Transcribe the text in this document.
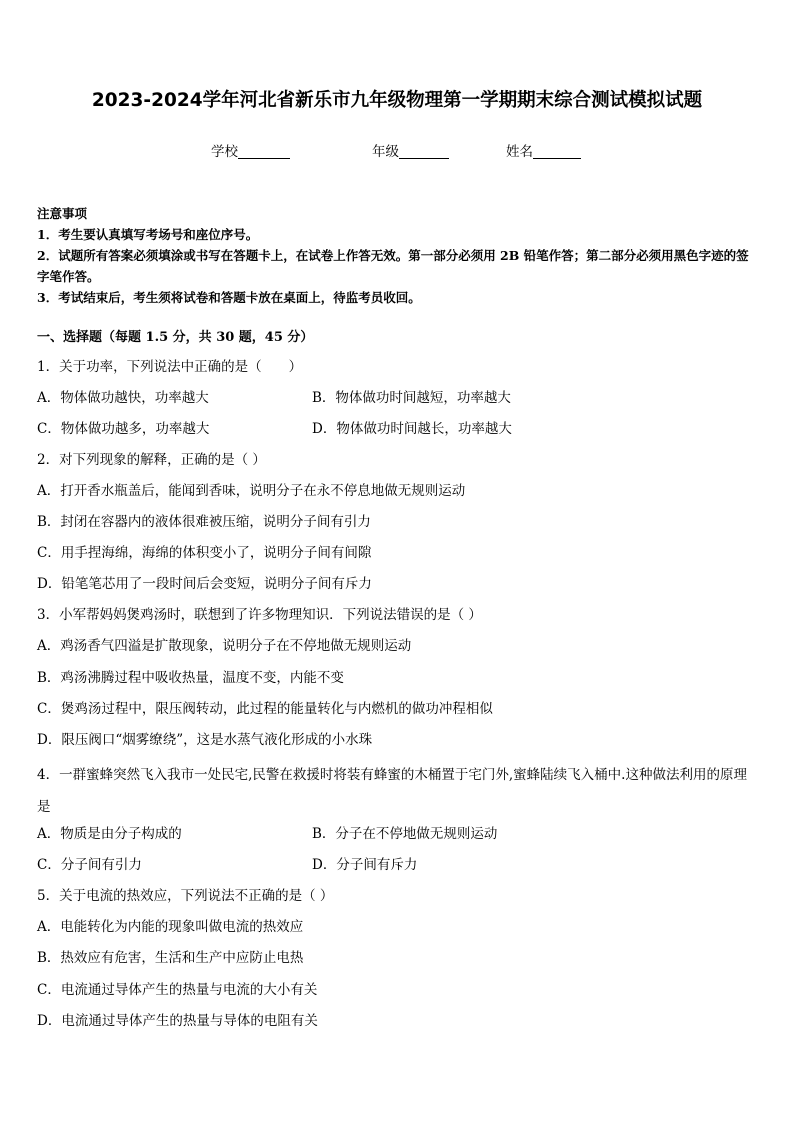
2023-2024学年河北省新乐市九年级物理第一学期期末综合测试模拟试题
学校	年级	姓名
注意事项
1．考生要认真填写考场号和座位序号。
2．试题所有答案必须填涂或书写在答题卡上，在试卷上作答无效。第一部分必须用 2B 铅笔作答；第二部分必须用黑色字迹的签字笔作答。
3．考试结束后，考生须将试卷和答题卡放在桌面上，待监考员收回。
一、选择题（每题 1.5 分，共 30 题，45 分）
1．关于功率，下列说法中正确的是（　　）
A．物体做功越快，功率越大	B．物体做功时间越短，功率越大
C．物体做功越多，功率越大	D．物体做功时间越长，功率越大
2．对下列现象的解释，正确的是（ ）
A．打开香水瓶盖后，能闻到香味，说明分子在永不停息地做无规则运动
B．封闭在容器内的液体很难被压缩，说明分子间有引力
C．用手捏海绵，海绵的体积变小了，说明分子间有间隙
D．铅笔笔芯用了一段时间后会变短，说明分子间有斥力
3．小军帮妈妈煲鸡汤时，联想到了许多物理知识．下列说法错误的是（ ）
A．鸡汤香气四溢是扩散现象，说明分子在不停地做无规则运动
B．鸡汤沸腾过程中吸收热量，温度不变，内能不变
C．煲鸡汤过程中，限压阀转动，此过程的能量转化与内燃机的做功冲程相似
D．限压阀口“烟雾缭绕”，这是水蒸气液化形成的小水珠
4．一群蜜蜂突然飞入我市一处民宅,民警在救援时将装有蜂蜜的木桶置于宅门外,蜜蜂陆续飞入桶中.这种做法利用的原理是
A．物质是由分子构成的	B．分子在不停地做无规则运动
C．分子间有引力	D．分子间有斥力
5．关于电流的热效应，下列说法不正确的是（ ）
A．电能转化为内能的现象叫做电流的热效应
B．热效应有危害，生活和生产中应防止电热
C．电流通过导体产生的热量与电流的大小有关
D．电流通过导体产生的热量与导体的电阻有关
